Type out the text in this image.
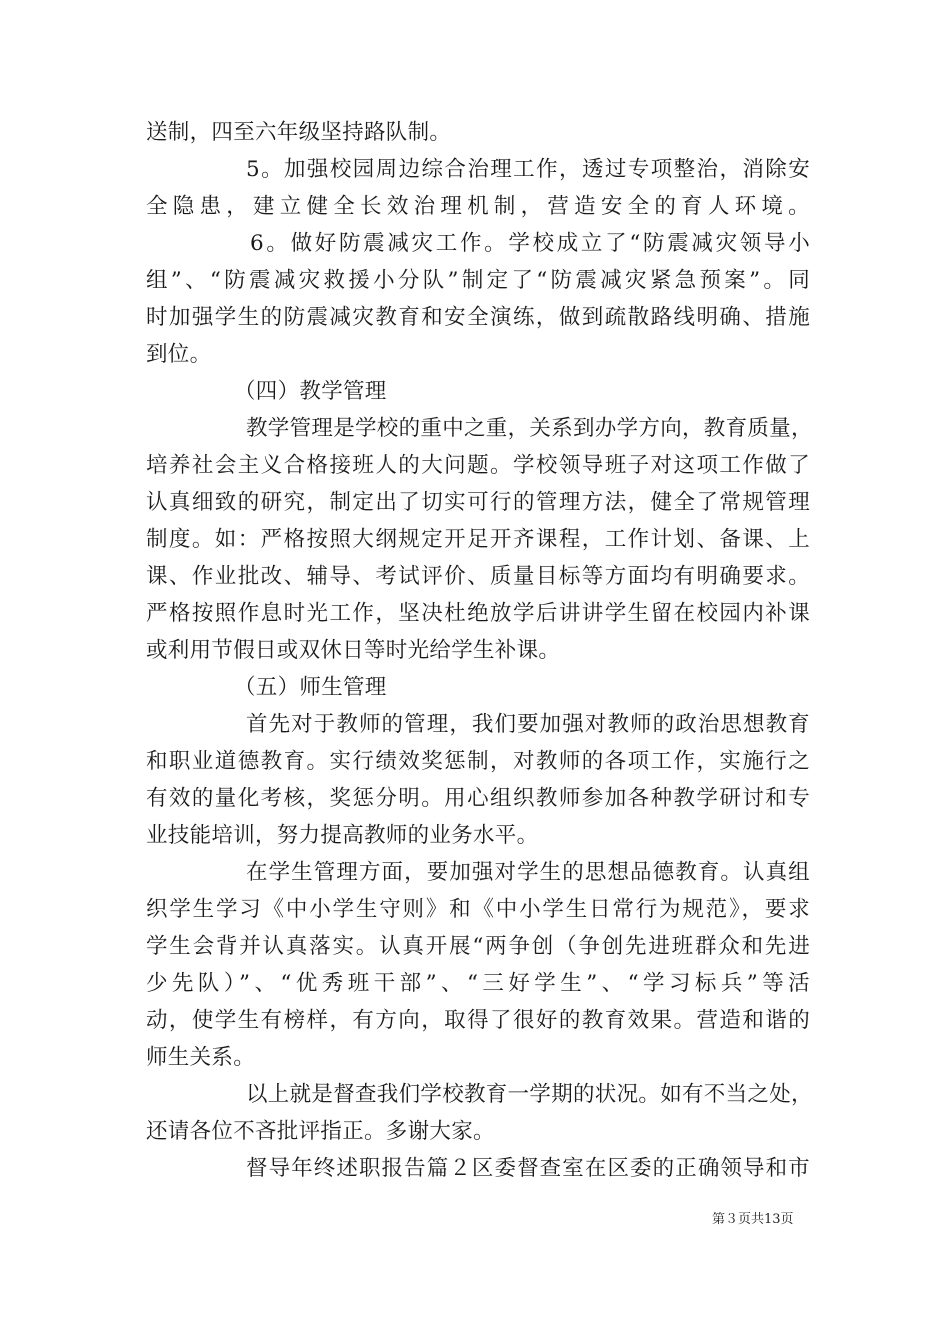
送制，四至六年级坚持路队制。
5。加强校园周边综合治理工作，透过专项整治，消除安
全隐患，建立健全长效治理机制，营造安全的育人环境。
6。做好防震减灾工作。学校成立了“防震减灾领导小
组”、“防震减灾救援小分队”制定了“防震减灾紧急预案”。同
时加强学生的防震减灾教育和安全演练，做到疏散路线明确、措施
到位。
（四）教学管理
教学管理是学校的重中之重，关系到办学方向，教育质量，
培养社会主义合格接班人的大问题。学校领导班子对这项工作做了
认真细致的研究，制定出了切实可行的管理方法，健全了常规管理
制度。如：严格按照大纲规定开足开齐课程，工作计划、备课、上
课、作业批改、辅导、考试评价、质量目标等方面均有明确要求。
严格按照作息时光工作，坚决杜绝放学后讲讲学生留在校园内补课
或利用节假日或双休日等时光给学生补课。
（五）师生管理
首先对于教师的管理，我们要加强对教师的政治思想教育
和职业道德教育。实行绩效奖惩制，对教师的各项工作，实施行之
有效的量化考核，奖惩分明。用心组织教师参加各种教学研讨和专
业技能培训，努力提高教师的业务水平。
在学生管理方面，要加强对学生的思想品德教育。认真组
织学生学习《中小学生守则》和《中小学生日常行为规范》，要求
学生会背并认真落实。认真开展“两争创（争创先进班群众和先进
少先队）”、“优秀班干部”、“三好学生”、“学习标兵”等活
动，使学生有榜样，有方向，取得了很好的教育效果。营造和谐的
师生关系。
以上就是督查我们学校教育一学期的状况。如有不当之处，
还请各位不吝批评指正。多谢大家。
督导年终述职报告篇２区委督查室在区委的正确领导和市
第３页共13页
